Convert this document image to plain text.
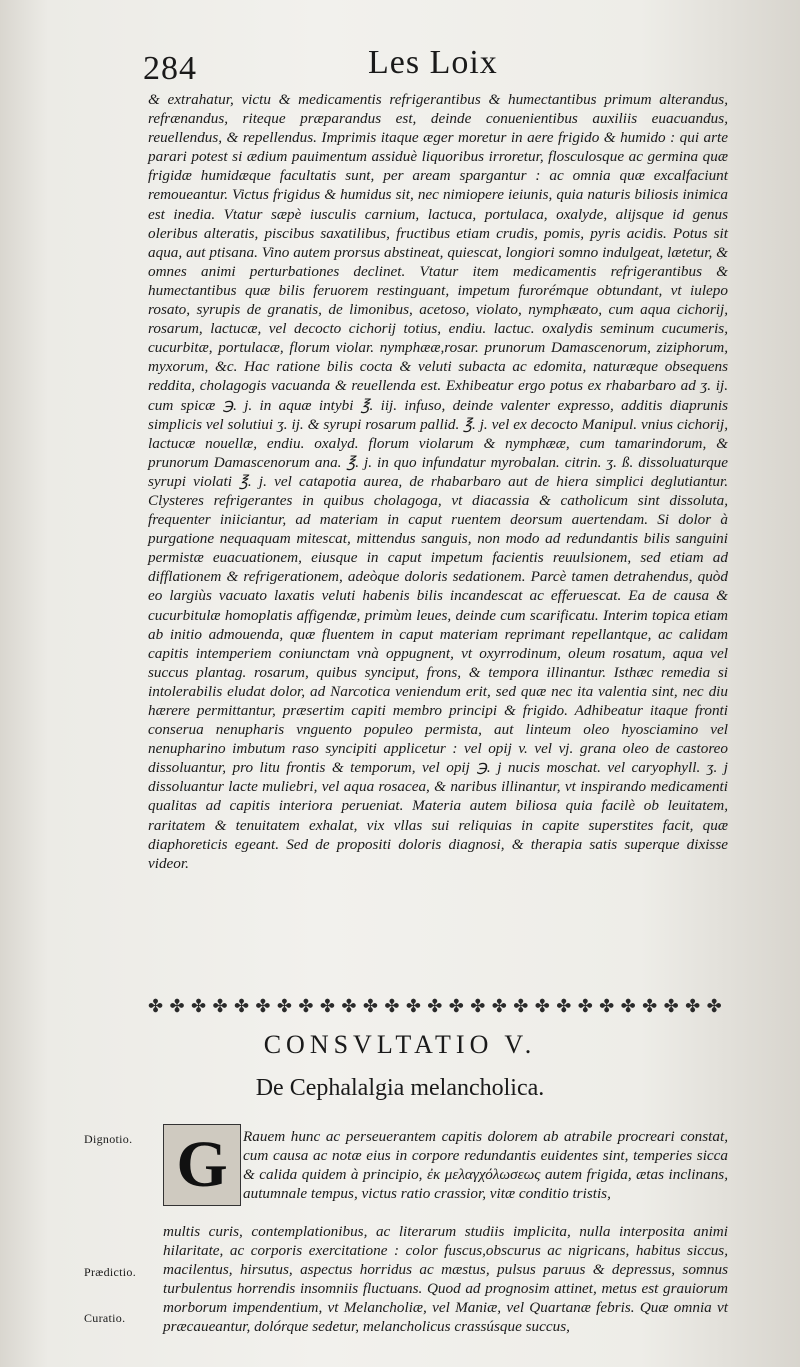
284	Les Loix

& extrahatur, victu & medicamentis refrigerantibus & humectantibus primum alterandus, refrænandus, riteque præparandus est, deinde conuenientibus auxiliis euacuandus, reuellendus, & repellendus. Imprimis itaque æger moretur in aere frigido & humido : qui arte parari potest si ædium pauimentum assiduè liquoribus irroretur, flosculosque ac germina quæ frigidæ humidæque facultatis sunt, per aream spargantur : ac omnia quæ excalfaciunt remoueantur. Victus frigidus & humidus sit, nec nimiopere ieiunis, quia naturis biliosis inimica est inedia. Vtatur sæpè iusculis carnium, lactuca, portulaca, oxalyde, alijsque id genus oleribus alteratis, piscibus saxatilibus, fructibus etiam crudis, pomis, pyris acidis. Potus sit aqua, aut ptisana. Vino autem prorsus abstineat, quiescat, longiori somno indulgeat, lætetur, & omnes animi perturbationes declinet. Vtatur item medicamentis refrigerantibus & humectantibus quæ bilis feruorem restinguant, impetum furorémque obtundant, vt iulepo rosato, syrupis de granatis, de limonibus, acetoso, violato, nymphæato, cum aqua cichorij, rosarum, lactucæ, vel decocto cichorij totius, endiu. lactuc. oxalydis seminum cucumeris, cucurbitæ, portulacæ, florum violar. nymphææ,rosar. prunorum Damascenorum, ziziphorum, myxorum, &c. Hac ratione bilis cocta & veluti subacta ac edomita, naturæque obsequens reddita, cholagogis vacuanda & reuellenda est. Exhibeatur ergo potus ex rhabarbaro ad ʒ. ij. cum spicæ ℈. j. in aquæ intybi ℥. iij. infuso, deinde valenter expresso, additis diaprunis simplicis vel solutiui ʒ. ij. & syrupi rosarum pallid. ℥. j. vel ex decocto Manipul. vnius cichorij, lactucæ nouellæ, endiu. oxalyd. florum violarum & nymphææ, cum tamarindorum, & prunorum Damascenorum ana. ℥. j. in quo infundatur myrobalan. citrin. ʒ. ß. dissoluaturque syrupi violati ℥. j. vel catapotia aurea, de rhabarbaro aut de hiera simplici deglutiantur. Clysteres refrigerantes in quibus cholagoga, vt diacassia & catholicum sint dissoluta, frequenter iniiciantur, ad materiam in caput ruentem deorsum auertendam. Si dolor à purgatione nequaquam mitescat, mittendus sanguis, non modo ad redundantis bilis sanguini permistæ euacuationem, eiusque in caput impetum facientis reuulsionem, sed etiam ad difflationem & refrigerationem, adeòque doloris sedationem. Parcè tamen detrahendus, quòd eo largiùs vacuato laxatis veluti habenis bilis incandescat ac efferuescat. Ea de causa & cucurbitulæ homoplatis affigendæ, primùm leues, deinde cum scarificatu. Interim topica etiam ab initio admouenda, quæ fluentem in caput materiam reprimant repellantque, ac calidam capitis intemperiem coniunctam vnà oppugnent, vt oxyrrodinum, oleum rosatum, aqua vel succus plantag. rosarum, quibus synciput, frons, & tempora illinantur. Isthæc remedia si intolerabilis eludat dolor, ad Narcotica veniendum erit, sed quæ nec ita valentia sint, nec diu hærere permittantur, præsertim capiti membro principi & frigido. Adhibeatur itaque fronti conserua nenupharis vnguento populeo permista, aut linteum oleo hyosciamino vel nenupharino imbutum raso syncipiti applicetur : vel opij v. vel vj. grana oleo de castoreo dissoluantur, pro litu frontis & temporum, vel opij ℈. j nucis moschat. vel caryophyll. ʒ. j dissoluantur lacte muliebri, vel aqua rosacea, & naribus illinantur, vt inspirando medicamenti qualitas ad capitis interiora perueniat. Materia autem biliosa quia facilè ob leuitatem, raritatem & tenuitatem exhalat, vix vllas sui reliquias in capite superstites facit, quæ diaphoreticis egeant. Sed de propositi doloris diagnosi, & therapia satis superque dixisse videor.

✤ ✤ ✤ ✤ ✤ ✤ ✤ ✤ ✤ ✤ ✤ ✤ ✤ ✤ ✤ ✤ ✤ ✤ ✤ ✤ ✤ ✤ ✤ ✤ ✤ ✤ ✤
CONSVLTATIO V.
De Cephalalgia melancholica.
Dignotio.
Prædictio.
Curatio.
G	Rauem hunc ac perseuerantem capitis dolorem ab atrabile procreari constat, cum causa ac notæ eius in corpore redundantis euidentes sint, temperies sicca & calida quidem à principio, ἐκ μελαγχόλωσεως autem frigida, ætas inclinans, autumnale tempus, victus ratio crassior, vitæ conditio tristis,

multis curis, contemplationibus, ac literarum studiis implicita, nulla interposita animi hilaritate, ac corporis exercitatione : color fuscus,obscurus ac nigricans, habitus siccus, macilentus, hirsutus, aspectus horridus ac mæstus, pulsus paruus & depressus, somnus turbulentus horrendis insomniis fluctuans. Quod ad prognosim attinet, metus est grauiorum morborum impendentium, vt Melancholiæ, vel Maniæ, vel Quartanæ febris. Quæ omnia vt præcaueantur, dolórque sedetur, melancholicus crassúsque succus,
